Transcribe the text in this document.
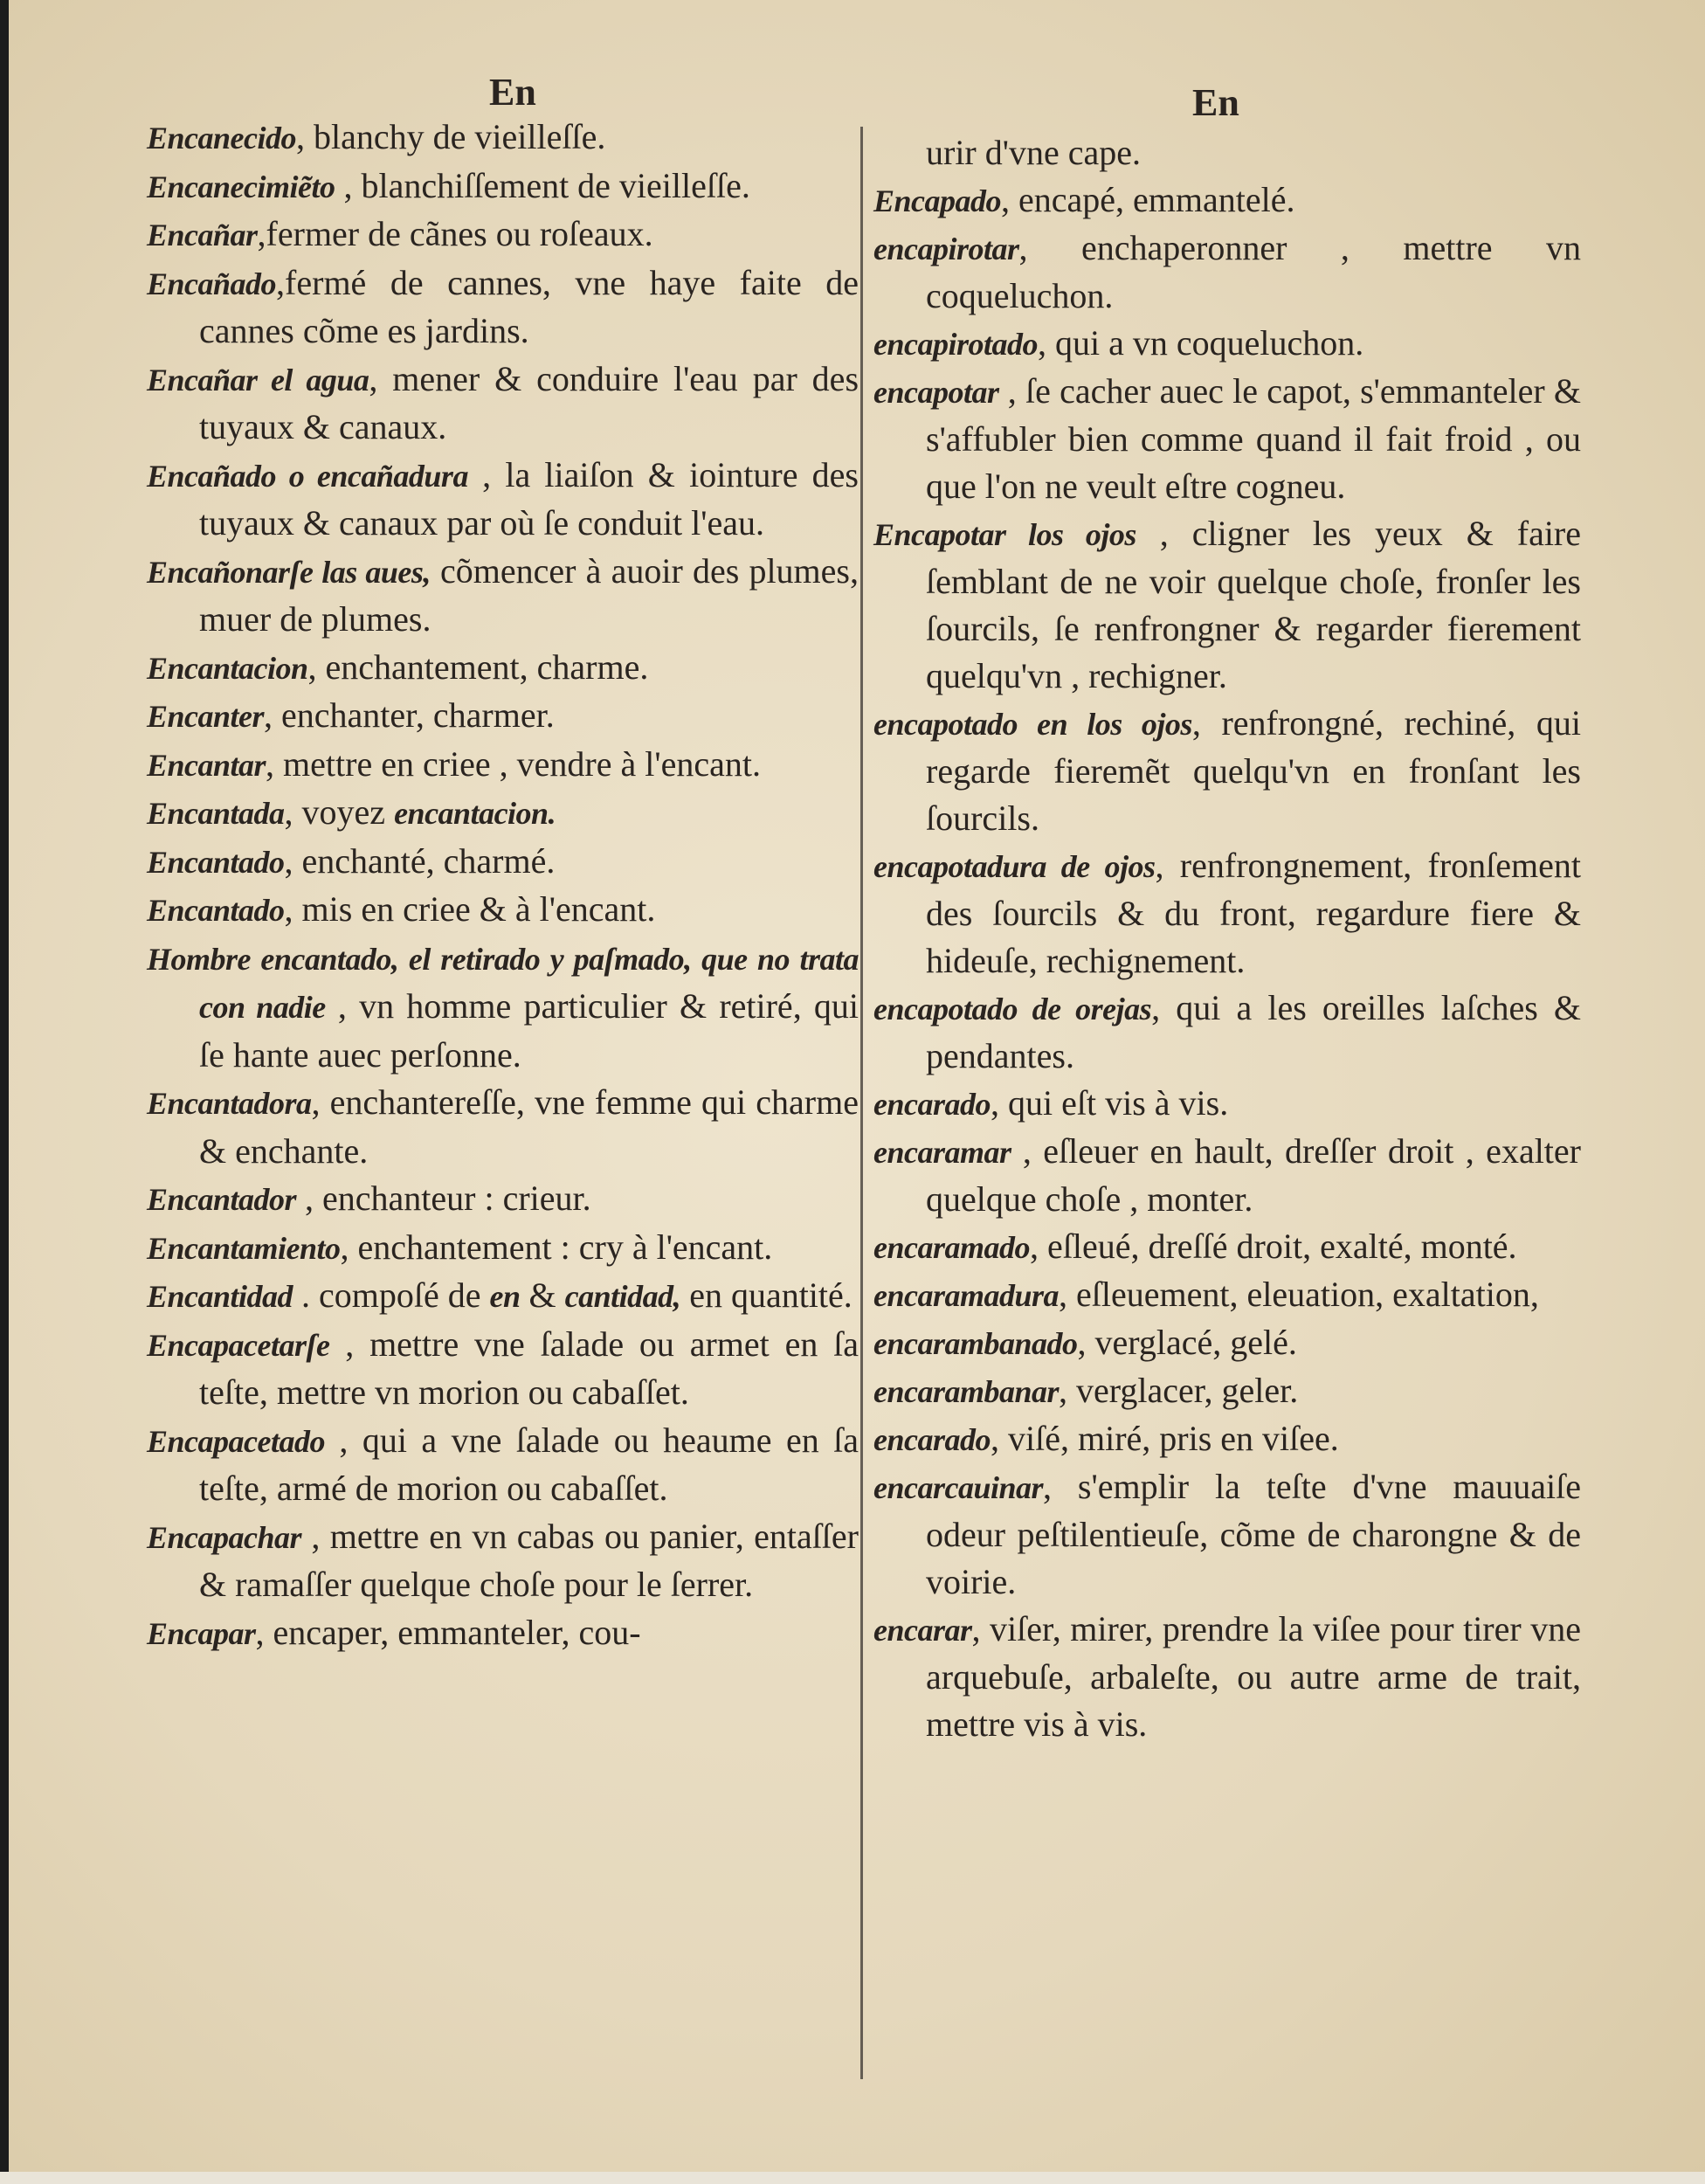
En	En
Encanecido, blanchy de vieilleſſe.
Encanecimiẽto , blanchiſſement de vieilleſſe.
Encañar,fermer de cãnes ou roſeaux.
Encañado,fermé de cannes, vne haye faite de cannes cõme es jardins.
Encañar el agua, mener & conduire l'eau par des tuyaux & canaux.
Encañado o encañadura , la liaiſon & iointure des tuyaux & canaux par où ſe conduit l'eau.
Encañonarſe las aues, cõmencer à auoir des plumes, muer de plumes.
Encantacion, enchantement, charme.
Encanter, enchanter, charmer.
Encantar, mettre en criee , vendre à l'encant.
Encantada, voyez encantacion.
Encantado, enchanté, charmé.
Encantado, mis en criee & à l'encant.
Hombre encantado, el retirado y paſmado, que no trata con nadie , vn homme particulier & retiré, qui ſe hante auec perſonne.
Encantadora, enchantereſſe, vne femme qui charme & enchante.
Encantador , enchanteur : crieur.
Encantamiento, enchantement : cry à l'encant.
Encantidad . compoſé de en & cantidad, en quantité.
Encapacetarſe , mettre vne ſalade ou armet en ſa teſte, mettre vn morion ou cabaſſet.
Encapacetado , qui a vne ſalade ou heaume en ſa teſte, armé de morion ou cabaſſet.
Encapachar , mettre en vn cabas ou panier, entaſſer & ramaſſer quelque choſe pour le ſerrer.
Encapar, encaper, emmanteler, cou-
urir d'vne cape.
Encapado, encapé, emmantelé.
encapirotar, enchaperonner , mettre vn coqueluchon.
encapirotado, qui a vn coqueluchon.
encapotar , ſe cacher auec le capot, s'emmanteler & s'affubler bien comme quand il fait froid , ou que l'on ne veult eſtre cogneu.
Encapotar los ojos , cligner les yeux & faire ſemblant de ne voir quelque choſe, fronſer les ſourcils, ſe renfrongner & regarder fierement quelqu'vn , rechigner.
encapotado en los ojos, renfrongné, rechiné, qui regarde fieremẽt quelqu'vn en fronſant les ſourcils.
encapotadura de ojos, renfrongnement, fronſement des ſourcils & du front, regardure fiere & hideuſe, rechignement.
encapotado de orejas, qui a les oreilles laſches & pendantes.
encarado, qui eſt vis à vis.
encaramar , eſleuer en hault, dreſſer droit , exalter quelque choſe , monter.
encaramado, eſleué, dreſſé droit, exalté, monté.
encaramadura, eſleuement, eleuation, exaltation,
encarambanado, verglacé, gelé.
encarambanar, verglacer, geler.
encarado, viſé, miré, pris en viſee.
encarcauinar, s'emplir la teſte d'vne mauuaiſe odeur peſtilentieuſe, cõme de charongne & de voirie.
encarar, viſer, mirer, prendre la viſee pour tirer vne arquebuſe, arbaleſte, ou autre arme de trait, mettre vis à vis.
